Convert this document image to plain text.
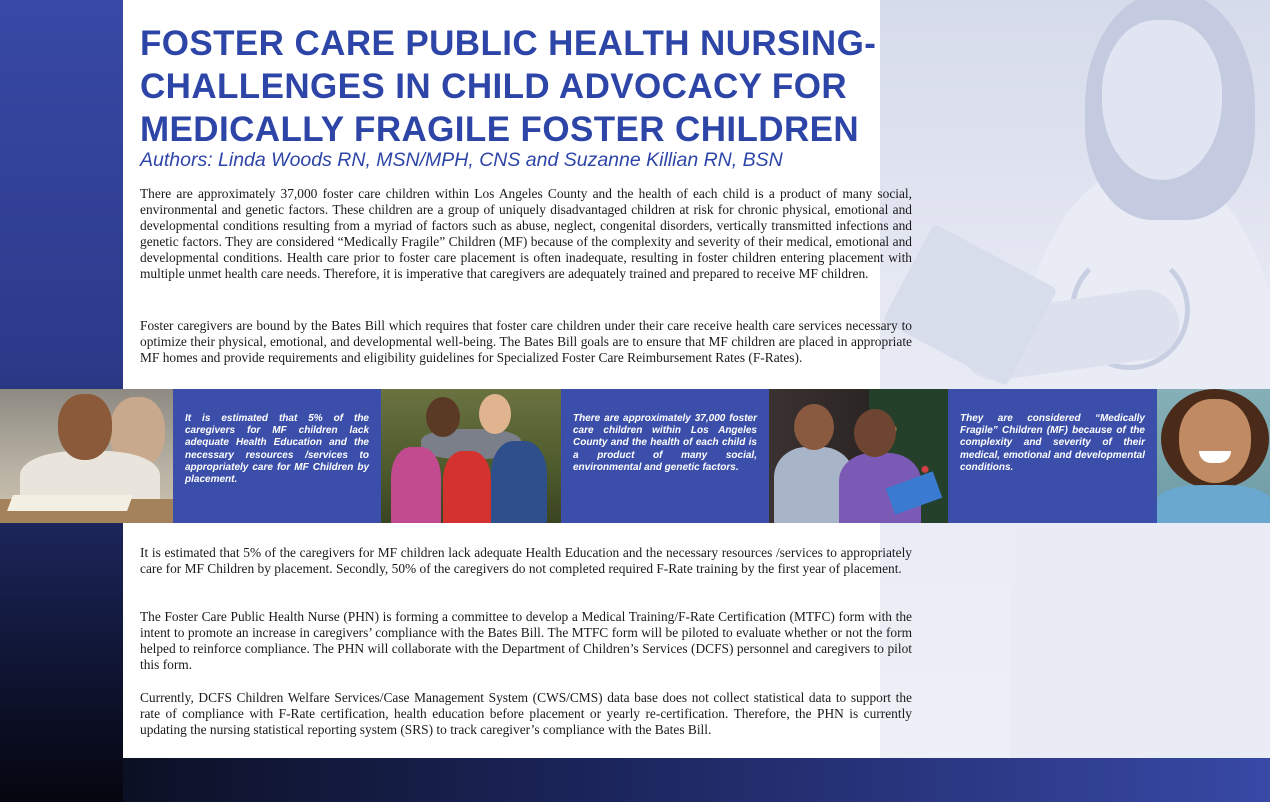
FOSTER CARE PUBLIC HEALTH NURSING- CHALLENGES IN CHILD ADVOCACY FOR MEDICALLY FRAGILE FOSTER CHILDREN
Authors: Linda Woods RN, MSN/MPH, CNS and Suzanne Killian RN, BSN

There are approximately 37,000 foster care children within Los Angeles County and the health of each child is a product of many social, environmental and genetic factors. These children are a group of uniquely disadvantaged children at risk for chronic physical, emotional and developmental conditions resulting from a myriad of factors such as abuse, neglect, congenital disorders, vertically transmitted infections and genetic factors. They are considered “Medically Fragile” Children (MF) because of the complexity and severity of their medical, emotional and developmental conditions. Health care prior to foster care placement is often inadequate, resulting in foster children entering placement with multiple unmet health care needs. Therefore, it is imperative that caregivers are adequately trained and prepared to receive MF children.

Foster caregivers are bound by the Bates Bill which requires that foster care children under their care receive health care services necessary to optimize their physical, emotional, and developmental well-being. The Bates Bill goals are to ensure that MF children are placed in appropriate MF homes and provide requirements and eligibility guidelines for Specialized Foster Care Reimbursement Rates (F-Rates).

It is estimated that 5% of the caregivers for MF children lack adequate Health Education and the necessary resources /services to appropriately care for MF Children by placement.
There are approximately 37,000 foster care children within Los Angeles County and the health of each child is a product of many social, environmental and genetic factors.
They are considered “Medically Fragile” Children (MF) because of the complexity and severity of their medical, emotional and developmental conditions.

It is estimated that 5% of the caregivers for MF children lack adequate Health Education and the necessary resources /services to appropriately care for MF Children by placement. Secondly, 50% of the caregivers do not completed required F-Rate training by the first year of placement.

The Foster Care Public Health Nurse (PHN) is forming a committee to develop a Medical Training/F-Rate Certification (MTFC) form with the intent to promote an increase in caregivers’ compliance with the Bates Bill. The MTFC form will be piloted to evaluate whether or not the form helped to reinforce compliance. The PHN will collaborate with the Department of Children’s Services (DCFS) personnel and caregivers to pilot this form.

Currently, DCFS Children Welfare Services/Case Management System (CWS/CMS) data base does not collect statistical data to support the rate of compliance with F-Rate certification, health education before placement or yearly re-certification. Therefore, the PHN is currently updating the nursing statistical reporting system (SRS) to track caregiver’s compliance with the Bates Bill.
